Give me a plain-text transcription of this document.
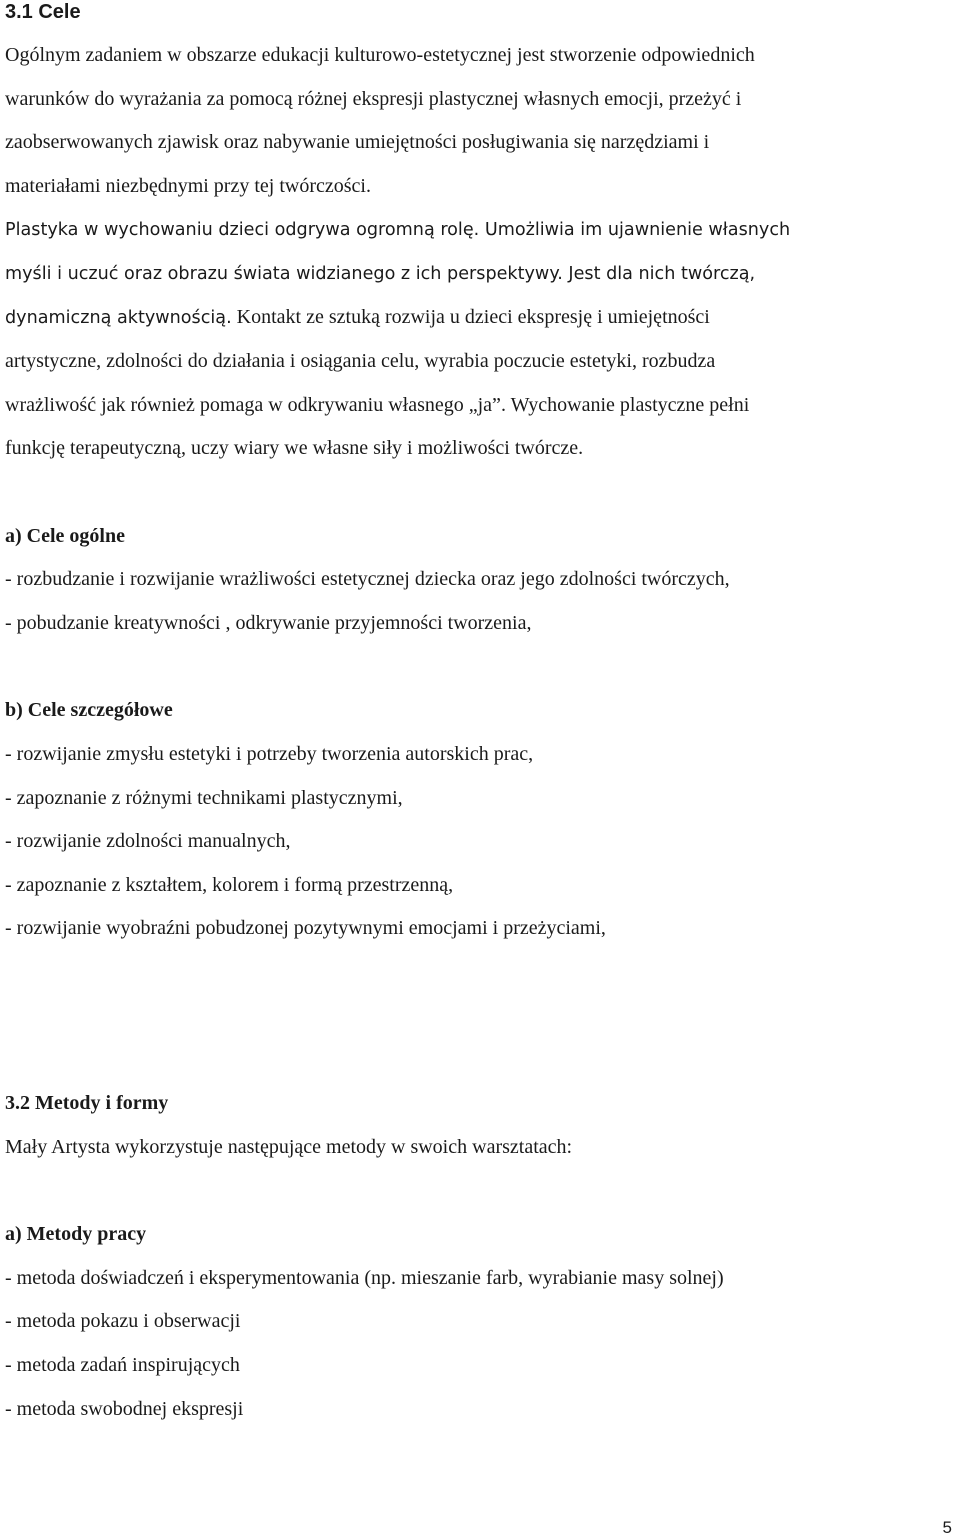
3.1 Cele
Ogólnym zadaniem w obszarze edukacji kulturowo-estetycznej jest stworzenie odpowiednich
warunków do wyrażania za pomocą różnej ekspresji plastycznej własnych emocji, przeżyć i
zaobserwowanych zjawisk oraz nabywanie umiejętności posługiwania się narzędziami i
materiałami niezbędnymi przy tej twórczości.
Plastyka w wychowaniu dzieci odgrywa ogromną rolę. Umożliwia im ujawnienie własnych
myśli i uczuć oraz obrazu świata widzianego z ich perspektywy. Jest dla nich twórczą,
dynamiczną aktywnością. Kontakt ze sztuką rozwija u dzieci ekspresję i umiejętności
artystyczne, zdolności do działania i osiągania celu, wyrabia poczucie estetyki, rozbudza
wrażliwość jak również pomaga w odkrywaniu własnego „ja”. Wychowanie plastyczne pełni
funkcję terapeutyczną, uczy wiary we własne siły i możliwości twórcze.
a) Cele ogólne
- rozbudzanie i rozwijanie wrażliwości estetycznej dziecka oraz jego zdolności twórczych,
- pobudzanie kreatywności , odkrywanie przyjemności tworzenia,
b) Cele szczegółowe
- rozwijanie zmysłu estetyki i potrzeby tworzenia autorskich prac,
- zapoznanie z różnymi technikami plastycznymi,
- rozwijanie zdolności manualnych,
- zapoznanie z kształtem, kolorem i formą przestrzenną,
- rozwijanie wyobraźni pobudzonej pozytywnymi emocjami i przeżyciami,
3.2 Metody i formy
Mały Artysta wykorzystuje następujące metody w swoich warsztatach:
a) Metody pracy
- metoda doświadczeń i eksperymentowania (np. mieszanie farb, wyrabianie masy solnej)
- metoda pokazu i obserwacji
- metoda zadań inspirujących
- metoda swobodnej ekspresji
5
